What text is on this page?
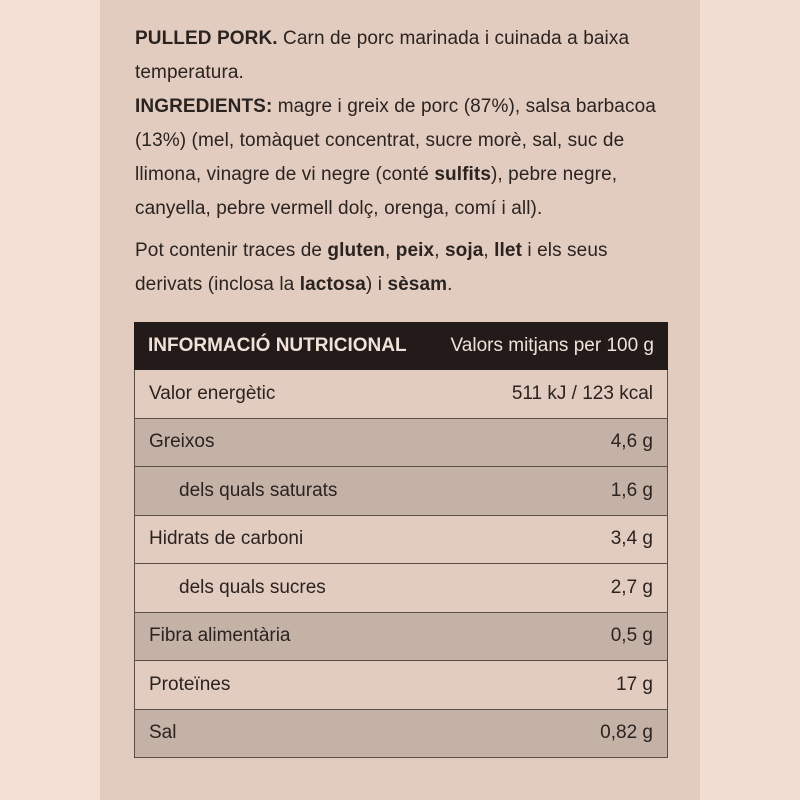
PULLED PORK. Carn de porc marinada i cuinada a baixa temperatura.

INGREDIENTS: magre i greix de porc (87%), salsa barbacoa (13%) (mel, tomàquet concentrat, sucre morè, sal, suc de llimona, vinagre de vi negre (conté sulfits), pebre negre, canyella, pebre vermell dolç, orenga, comí i all).

Pot contenir traces de gluten, peix, soja, llet i els seus derivats (inclosa la lactosa) i sèsam.

INFORMACIÓ NUTRICIONAL Valors mitjans per 100 g
Valor energètic	511 kJ / 123 kcal
Greixos	4,6 g
dels quals saturats	1,6 g
Hidrats de carboni	3,4 g
dels quals sucres	2,7 g
Fibra alimentària	0,5 g
Proteïnes	17 g
Sal	0,82 g
